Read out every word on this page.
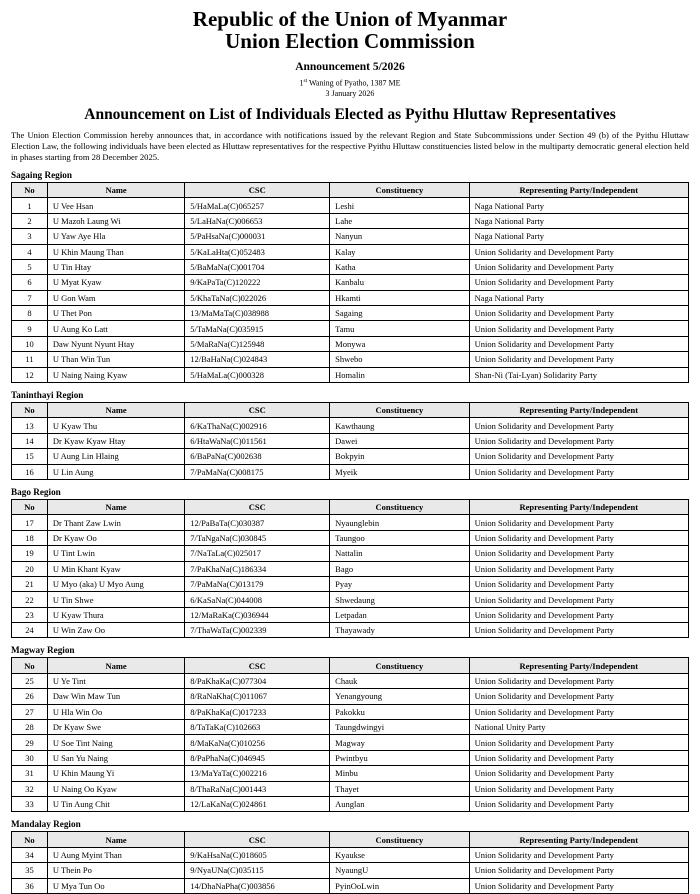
Republic of the Union of Myanmar
Union Election Commission
Announcement 5/2026
1st Waning of Pyatho, 1387 ME
3 January 2026
Announcement on List of Individuals Elected as Pyithu Hluttaw Representatives
The Union Election Commission hereby announces that, in accordance with notifications issued by the relevant Region and State Subcommissions under Section 49 (b) of the Pyithu Hluttaw Election Law, the following individuals have been elected as Hluttaw representatives for the respective Pyithu Hluttaw constituencies listed below in the multiparty democratic general election held in phases starting from 28 December 2025.
Sagaing Region
No	Name	CSC	Constituency	Representing Party/Independent
1	U Vee Hsan	5/HaMaLa(C)065257	Leshi	Naga National Party
2	U Mazoh Laung Wi	5/LaHaNa(C)006653	Lahe	Naga National Party
3	U Yaw Aye Hla	5/PaHsaNa(C)000031	Nanyun	Naga National Party
4	U Khin Maung Than	5/KaLaHta(C)052483	Kalay	Union Solidarity and Development Party
5	U Tin Htay	5/BaMaNa(C)001704	Katha	Union Solidarity and Development Party
6	U Myat Kyaw	9/KaPaTa(C)120222	Kanbalu	Union Solidarity and Development Party
7	U Gon Wam	5/KhaTaNa(C)022026	Hkamti	Naga National Party
8	U Thet Pon	13/MaMaTa(C)038988	Sagaing	Union Solidarity and Development Party
9	U Aung Ko Latt	5/TaMaNa(C)035915	Tamu	Union Solidarity and Development Party
10	Daw Nyunt Nyunt Htay	5/MaRaNa(C)125948	Monywa	Union Solidarity and Development Party
11	U Than Win Tun	12/BaHaNa(C)024843	Shwebo	Union Solidarity and Development Party
12	U Naing Naing Kyaw	5/HaMaLa(C)000328	Homalin	Shan-Ni (Tai-Lyan) Solidarity Party
Taninthayi Region
No	Name	CSC	Constituency	Representing Party/Independent
13	U Kyaw Thu	6/KaThaNa(C)002916	Kawthaung	Union Solidarity and Development Party
14	Dr Kyaw Kyaw Htay	6/HtaWaNa(C)011561	Dawei	Union Solidarity and Development Party
15	U Aung Lin Hlaing	6/BaPaNa(C)002638	Bokpyin	Union Solidarity and Development Party
16	U Lin Aung	7/PaMaNa(C)008175	Myeik	Union Solidarity and Development Party
Bago Region
No	Name	CSC	Constituency	Representing Party/Independent
17	Dr Thant Zaw Lwin	12/PaBaTa(C)030387	Nyaunglebin	Union Solidarity and Development Party
18	Dr Kyaw Oo	7/TaNgaNa(C)030845	Taungoo	Union Solidarity and Development Party
19	U Tint Lwin	7/NaTaLa(C)025017	Nattalin	Union Solidarity and Development Party
20	U Min Khant Kyaw	7/PaKhaNa(C)186334	Bago	Union Solidarity and Development Party
21	U Myo (aka) U Myo Aung	7/PaMaNa(C)013179	Pyay	Union Solidarity and Development Party
22	U Tin Shwe	6/KaSaNa(C)044008	Shwedaung	Union Solidarity and Development Party
23	U Kyaw Thura	12/MaRaKa(C)036944	Letpadan	Union Solidarity and Development Party
24	U Win Zaw Oo	7/ThaWaTa(C)002339	Thayawady	Union Solidarity and Development Party
Magway Region
No	Name	CSC	Constituency	Representing Party/Independent
25	U Ye Tint	8/PaKhaKa(C)077304	Chauk	Union Solidarity and Development Party
26	Daw Win Maw Tun	8/RaNaKha(C)011067	Yenangyoung	Union Solidarity and Development Party
27	U Hla Win Oo	8/PaKhaKa(C)017233	Pakokku	Union Solidarity and Development Party
28	Dr Kyaw Swe	8/TaTaKa(C)102663	Taungdwingyi	National Unity Party
29	U Soe Tint Naing	8/MaKaNa(C)010256	Magway	Union Solidarity and Development Party
30	U San Yu Naing	8/PaPhaNa(C)046945	Pwintbyu	Union Solidarity and Development Party
31	U Khin Maung Yi	13/MaYaTa(C)002216	Minbu	Union Solidarity and Development Party
32	U Naing Oo Kyaw	8/ThaRaNa(C)001443	Thayet	Union Solidarity and Development Party
33	U Tin Aung Chit	12/LaKaNa(C)024861	Aunglan	Union Solidarity and Development Party
Mandalay Region
No	Name	CSC	Constituency	Representing Party/Independent
34	U Aung Myint Than	9/KaHsaNa(C)018605	Kyaukse	Union Solidarity and Development Party
35	U Thein Po	9/NyaUNa(C)035115	NyaungU	Union Solidarity and Development Party
36	U Mya Tun Oo	14/DhaNaPha(C)003856	PyinOoLwin	Union Solidarity and Development Party
